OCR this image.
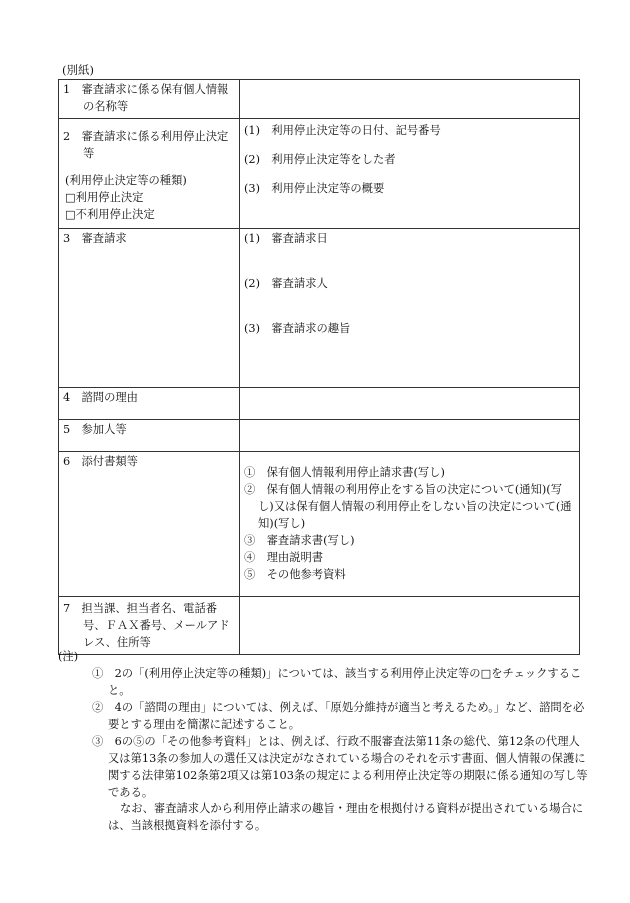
(別紙)
1　審査請求に係る保有個人情報の名称等	

2　審査請求に係る利用停止決定等
(利用停止決定等の種類)
□利用停止決定
□不利用停止決定	(1)　利用停止決定等の日付、記号番号
(2)　利用停止決定等をした者
(3)　利用停止決定等の概要

3　審査請求	(1)　審査請求日
(2)　審査請求人
(3)　審査請求の趣旨

4　諮問の理由	

5　参加人等	

6　添付書類等	①　保有個人情報利用停止請求書(写し)
②　保有個人情報の利用停止をする旨の決定について(通知)(写し)又は保有個人情報の利用停止をしない旨の決定について(通知)(写し)
③　審査請求書(写し)
④　理由説明書
⑤　その他参考資料

7　担当課、担当者名、電話番号、ＦＡＸ番号、メールアドレス、住所等	

(注)
①　2の「(利用停止決定等の種類)」については、該当する利用停止決定等の□をチェックすること。
②　4の「諮問の理由」については、例えば、「原処分維持が適当と考えるため。」など、諮問を必要とする理由を簡潔に記述すること。
③　6の⑤の「その他参考資料」とは、例えば、行政不服審査法第11条の総代、第12条の代理人又は第13条の参加人の選任又は決定がなされている場合のそれを示す書面、個人情報の保護に関する法律第102条第2項又は第103条の規定による利用停止決定等の期限に係る通知の写し等である。
なお、審査請求人から利用停止請求の趣旨・理由を根拠付ける資料が提出されている場合には、当該根拠資料を添付する。
